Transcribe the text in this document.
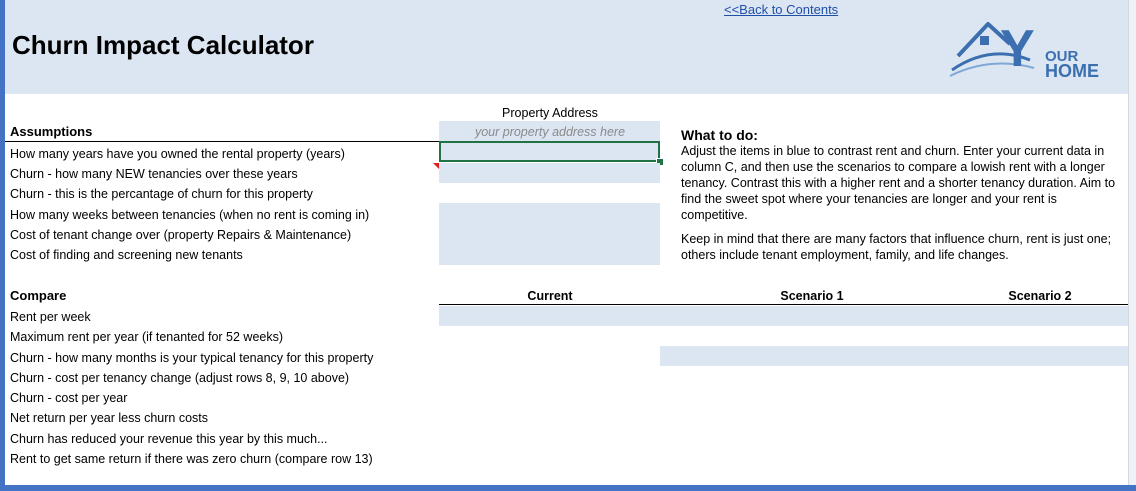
Churn Impact Calculator
<<Back to Contents
Y OUR
HOME
Property Address
your property address here
Assumptions
How many years have you owned the rental property (years)
Churn - how many NEW tenancies over these years
Churn - this is the percantage of churn for this property
How many weeks between tenancies (when no rent is coming in)
Cost of tenant change over (property Repairs & Maintenance)
Cost of finding and screening new tenants
What to do:

Adjust the items in blue to contrast rent and churn. Enter your current data in column C, and then use the scenarios to compare a lowish rent with a longer tenancy. Contrast this with a higher rent and a shorter tenancy duration. Aim to find the sweet spot where your tenancies are longer and your rent is competitive.

Keep in mind that there are many factors that influence churn, rent is just one; others include tenant employment, family, and life changes.

Compare	Current	Scenario 1	Scenario 2
Rent per week
Maximum rent per year (if tenanted for 52 weeks)
Churn - how many months is your typical tenancy for this property
Churn - cost per tenancy change (adjust rows 8, 9, 10 above)
Churn - cost per year
Net return per year less churn costs
Churn has reduced your revenue this year by this much...
Rent to get same return if there was zero churn (compare row 13)
